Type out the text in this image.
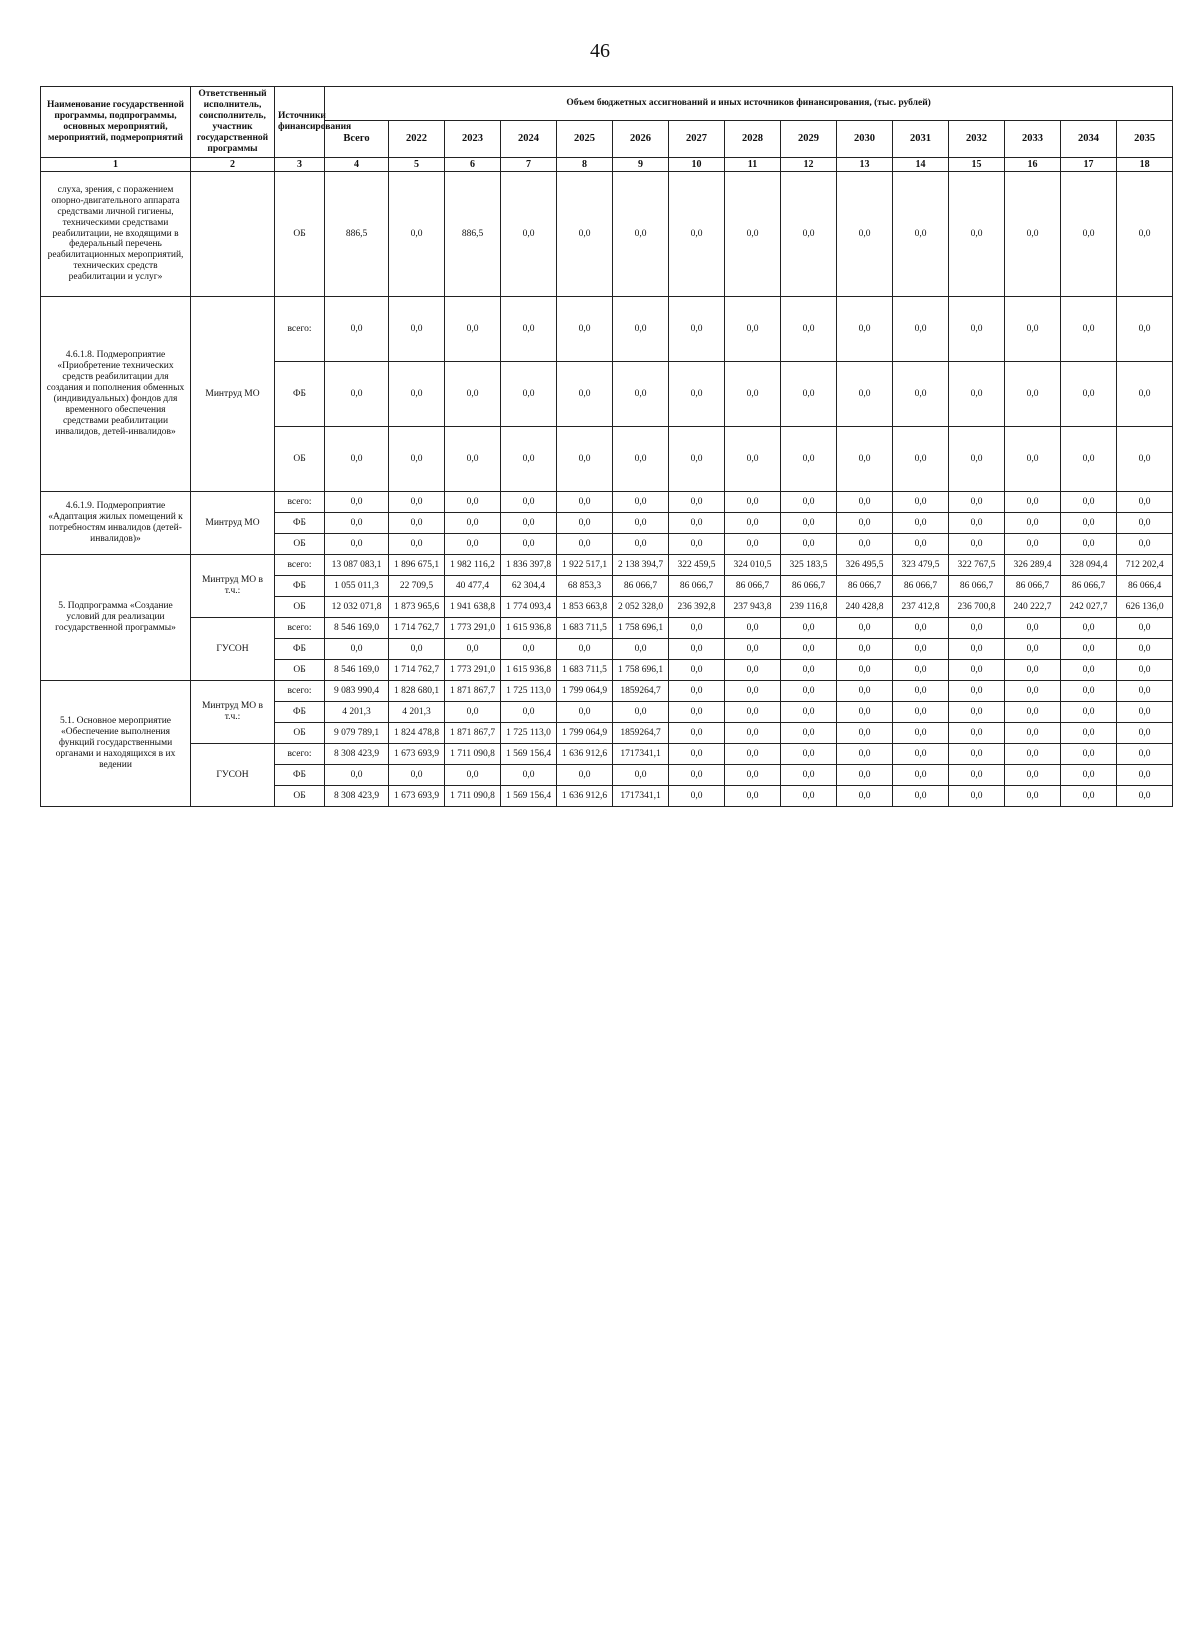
46
Наименование государственной программы, подпрограммы, основных мероприятий, мероприятий, подмероприятий	Ответственный исполнитель, соисполнитель, участник государственной программы	Источники финансирования	Объем бюджетных ассигнований и иных источников финансирования, (тыс. рублей)														
			Всего	2022	2023	2024	2025	2026	2027	2028	2029	2030	2031	2032	2033	2034	2035
1	2	3	4	5	6	7	8	9	10	11	12	13	14	15	16	17	18
слуха, зрения, с поражением опорно-двигательного аппарата средствами личной гигиены, техническими средствами реабилитации, не входящими в федеральный перечень реабилитационных мероприятий, технических средств реабилитации и услуг»		ОБ	886,5	0,0	886,5	0,0	0,0	0,0	0,0	0,0	0,0	0,0	0,0	0,0	0,0	0,0	0,0
4.6.1.8. Подмероприятие «Приобретение технических средств реабилитации для создания и пополнения обменных (индивидуальных) фондов для временного обеспечения средствами реабилитации инвалидов, детей-инвалидов»	Минтруд МО	всего:	0,0	0,0	0,0	0,0	0,0	0,0	0,0	0,0	0,0	0,0	0,0	0,0	0,0	0,0	0,0
		ФБ	0,0	0,0	0,0	0,0	0,0	0,0	0,0	0,0	0,0	0,0	0,0	0,0	0,0	0,0	0,0
		ОБ	0,0	0,0	0,0	0,0	0,0	0,0	0,0	0,0	0,0	0,0	0,0	0,0	0,0	0,0	0,0
4.6.1.9. Подмероприятие «Адаптация жилых помещений к потребностям инвалидов (детей-инвалидов)»	Минтруд МО	всего:	0,0	0,0	0,0	0,0	0,0	0,0	0,0	0,0	0,0	0,0	0,0	0,0	0,0	0,0	0,0
		ФБ	0,0	0,0	0,0	0,0	0,0	0,0	0,0	0,0	0,0	0,0	0,0	0,0	0,0	0,0	0,0
		ОБ	0,0	0,0	0,0	0,0	0,0	0,0	0,0	0,0	0,0	0,0	0,0	0,0	0,0	0,0	0,0
5. Подпрограмма «Создание условий для реализации государственной программы»	Минтруд МО в т.ч.:	всего:	13 087 083,1	1 896 675,1	1 982 116,2	1 836 397,8	1 922 517,1	2 138 394,7	322 459,5	324 010,5	325 183,5	326 495,5	323 479,5	322 767,5	326 289,4	328 094,4	712 202,4
		ФБ	1 055 011,3	22 709,5	40 477,4	62 304,4	68 853,3	86 066,7	86 066,7	86 066,7	86 066,7	86 066,7	86 066,7	86 066,7	86 066,7	86 066,7	86 066,4
		ОБ	12 032 071,8	1 873 965,6	1 941 638,8	1 774 093,4	1 853 663,8	2 052 328,0	236 392,8	237 943,8	239 116,8	240 428,8	237 412,8	236 700,8	240 222,7	242 027,7	626 136,0
	ГУСОН	всего:	8 546 169,0	1 714 762,7	1 773 291,0	1 615 936,8	1 683 711,5	1 758 696,1	0,0	0,0	0,0	0,0	0,0	0,0	0,0	0,0	0,0
		ФБ	0,0	0,0	0,0	0,0	0,0	0,0	0,0	0,0	0,0	0,0	0,0	0,0	0,0	0,0	0,0
		ОБ	8 546 169,0	1 714 762,7	1 773 291,0	1 615 936,8	1 683 711,5	1 758 696,1	0,0	0,0	0,0	0,0	0,0	0,0	0,0	0,0	0,0
5.1. Основное мероприятие «Обеспечение выполнения функций государственными органами и находящихся в их ведении	Минтруд МО в т.ч.:	всего:	9 083 990,4	1 828 680,1	1 871 867,7	1 725 113,0	1 799 064,9	1859264,7	0,0	0,0	0,0	0,0	0,0	0,0	0,0	0,0	0,0
		ФБ	4 201,3	4 201,3	0,0	0,0	0,0	0,0	0,0	0,0	0,0	0,0	0,0	0,0	0,0	0,0	0,0
		ОБ	9 079 789,1	1 824 478,8	1 871 867,7	1 725 113,0	1 799 064,9	1859264,7	0,0	0,0	0,0	0,0	0,0	0,0	0,0	0,0	0,0
	ГУСОН	всего:	8 308 423,9	1 673 693,9	1 711 090,8	1 569 156,4	1 636 912,6	1717341,1	0,0	0,0	0,0	0,0	0,0	0,0	0,0	0,0	0,0
		ФБ	0,0	0,0	0,0	0,0	0,0	0,0	0,0	0,0	0,0	0,0	0,0	0,0	0,0	0,0	0,0
		ОБ	8 308 423,9	1 673 693,9	1 711 090,8	1 569 156,4	1 636 912,6	1717341,1	0,0	0,0	0,0	0,0	0,0	0,0	0,0	0,0	0,0
